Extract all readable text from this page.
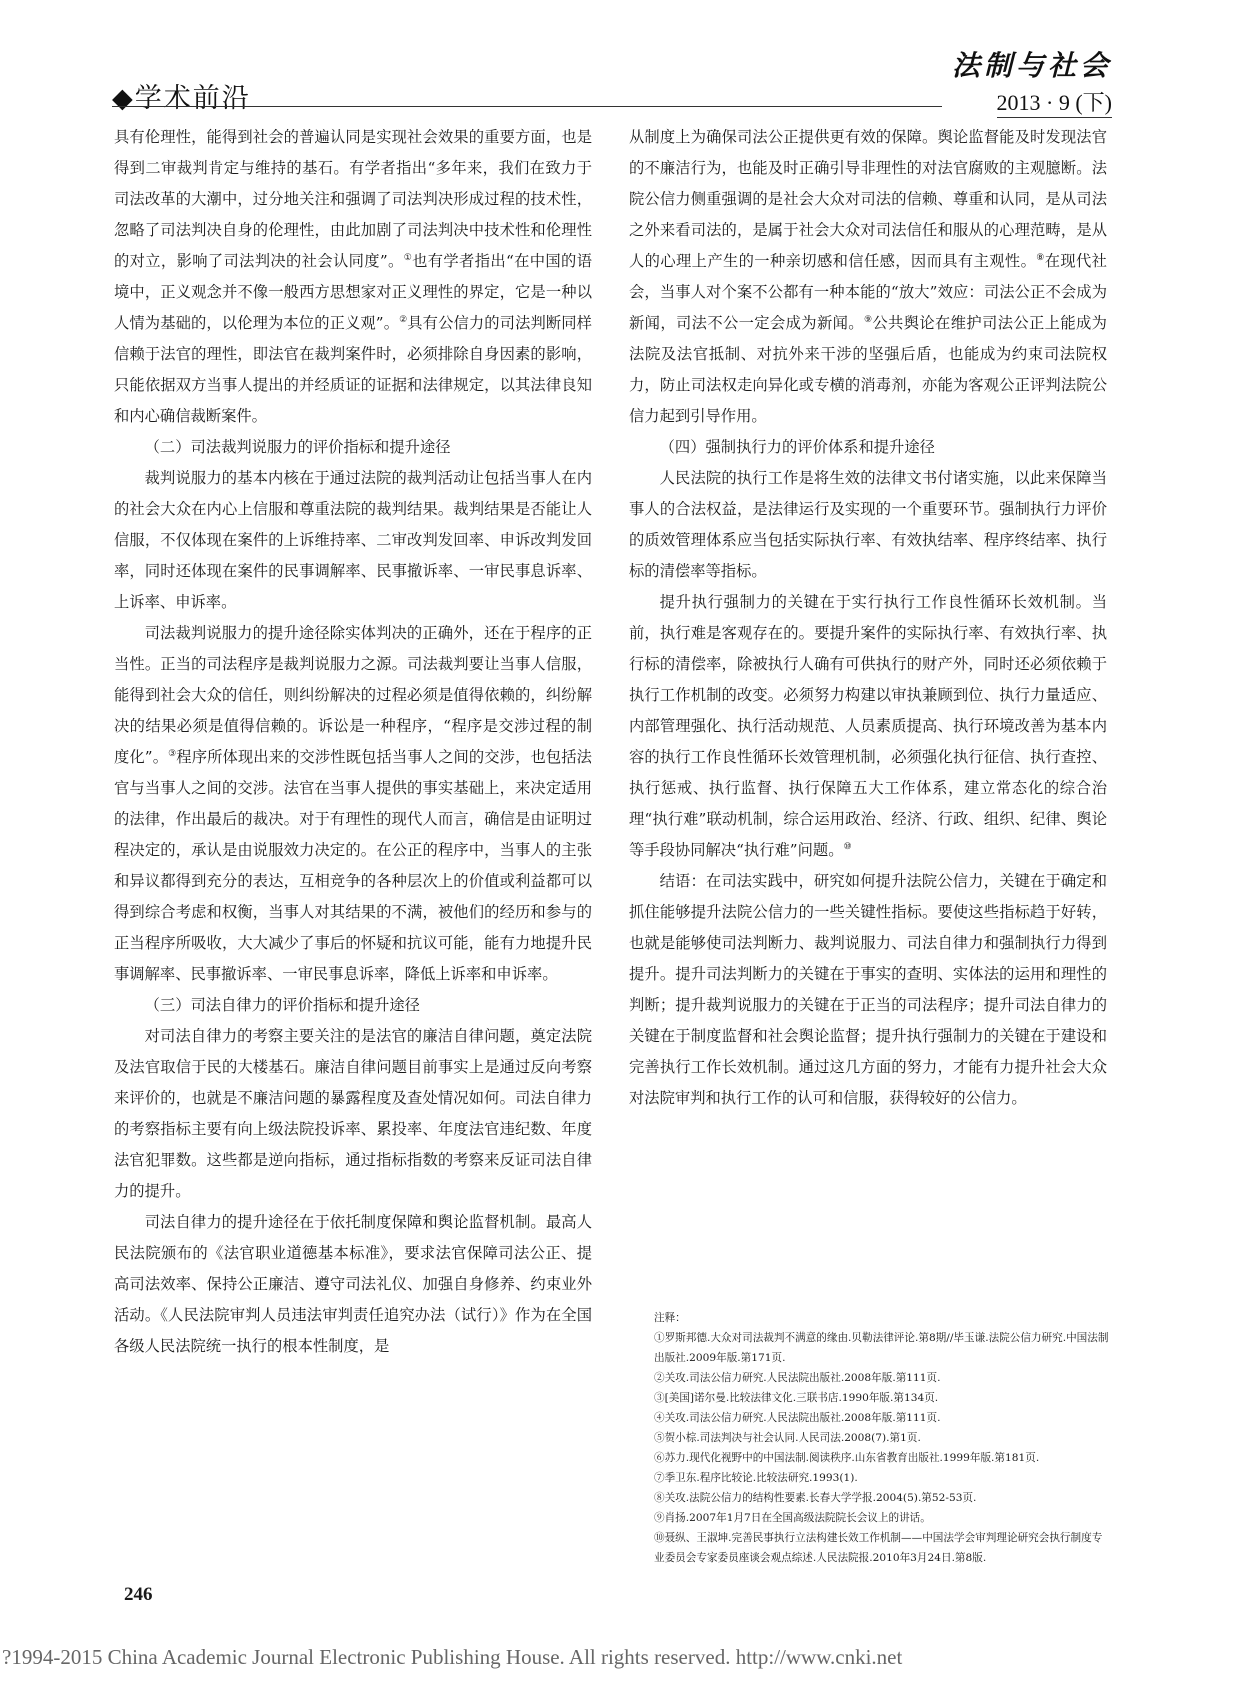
◆学术前沿
法制与社会
2013 · 9 (下)

具有伦理性，能得到社会的普遍认同是实现社会效果的重要方面，也是得到二审裁判肯定与维持的基石。有学者指出“多年来，我们在致力于司法改革的大潮中，过分地关注和强调了司法判决形成过程的技术性，忽略了司法判决自身的伦理性，由此加剧了司法判决中技术性和伦理性的对立，影响了司法判决的社会认同度”。①也有学者指出“在中国的语境中，正义观念并不像一般西方思想家对正义理性的界定，它是一种以人情为基础的，以伦理为本位的正义观”。②具有公信力的司法判断同样信赖于法官的理性，即法官在裁判案件时，必须排除自身因素的影响，只能依据双方当事人提出的并经质证的证据和法律规定，以其法律良知和内心确信裁断案件。

（二）司法裁判说服力的评价指标和提升途径

裁判说服力的基本内核在于通过法院的裁判活动让包括当事人在内的社会大众在内心上信服和尊重法院的裁判结果。裁判结果是否能让人信服，不仅体现在案件的上诉维持率、二审改判发回率、申诉改判发回率，同时还体现在案件的民事调解率、民事撤诉率、一审民事息诉率、上诉率、申诉率。

司法裁判说服力的提升途径除实体判决的正确外，还在于程序的正当性。正当的司法程序是裁判说服力之源。司法裁判要让当事人信服，能得到社会大众的信任，则纠纷解决的过程必须是值得依赖的，纠纷解决的结果必须是值得信赖的。诉讼是一种程序，“程序是交涉过程的制度化”。③程序所体现出来的交涉性既包括当事人之间的交涉，也包括法官与当事人之间的交涉。法官在当事人提供的事实基础上，来决定适用的法律，作出最后的裁决。对于有理性的现代人而言，确信是由证明过程决定的，承认是由说服效力决定的。在公正的程序中，当事人的主张和异议都得到充分的表达，互相竞争的各种层次上的价值或利益都可以得到综合考虑和权衡，当事人对其结果的不满，被他们的经历和参与的正当程序所吸收，大大减少了事后的怀疑和抗议可能，能有力地提升民事调解率、民事撤诉率、一审民事息诉率，降低上诉率和申诉率。

（三）司法自律力的评价指标和提升途径

对司法自律力的考察主要关注的是法官的廉洁自律问题，奠定法院及法官取信于民的大楼基石。廉洁自律问题目前事实上是通过反向考察来评价的，也就是不廉洁问题的暴露程度及查处情况如何。司法自律力的考察指标主要有向上级法院投诉率、累投率、年度法官违纪数、年度法官犯罪数。这些都是逆向指标，通过指标指数的考察来反证司法自律力的提升。

司法自律力的提升途径在于依托制度保障和舆论监督机制。最高人民法院颁布的《法官职业道德基本标准》，要求法官保障司法公正、提高司法效率、保持公正廉洁、遵守司法礼仪、加强自身修养、约束业外活动。《人民法院审判人员违法审判责任追究办法（试行）》作为在全国各级人民法院统一执行的根本性制度，是

从制度上为确保司法公正提供更有效的保障。舆论监督能及时发现法官的不廉洁行为，也能及时正确引导非理性的对法官腐败的主观臆断。法院公信力侧重强调的是社会大众对司法的信赖、尊重和认同，是从司法之外来看司法的，是属于社会大众对司法信任和服从的心理范畴，是从人的心理上产生的一种亲切感和信任感，因而具有主观性。⑧在现代社会，当事人对个案不公都有一种本能的“放大”效应：司法公正不会成为新闻，司法不公一定会成为新闻。⑨公共舆论在维护司法公正上能成为法院及法官抵制、对抗外来干涉的坚强后盾，也能成为约束司法院权力，防止司法权走向异化或专横的消毒剂，亦能为客观公正评判法院公信力起到引导作用。

（四）强制执行力的评价体系和提升途径

人民法院的执行工作是将生效的法律文书付诸实施，以此来保障当事人的合法权益，是法律运行及实现的一个重要环节。强制执行力评价的质效管理体系应当包括实际执行率、有效执结率、程序终结率、执行标的清偿率等指标。

提升执行强制力的关键在于实行执行工作良性循环长效机制。当前，执行难是客观存在的。要提升案件的实际执行率、有效执行率、执行标的清偿率，除被执行人确有可供执行的财产外，同时还必须依赖于执行工作机制的改变。必须努力构建以审执兼顾到位、执行力量适应、内部管理强化、执行活动规范、人员素质提高、执行环境改善为基本内容的执行工作良性循环长效管理机制，必须强化执行征信、执行查控、执行惩戒、执行监督、执行保障五大工作体系，建立常态化的综合治理“执行难”联动机制，综合运用政治、经济、行政、组织、纪律、舆论等手段协同解决“执行难”问题。⑩

结语：在司法实践中，研究如何提升法院公信力，关键在于确定和抓住能够提升法院公信力的一些关键性指标。要使这些指标趋于好转，也就是能够使司法判断力、裁判说服力、司法自律力和强制执行力得到提升。提升司法判断力的关键在于事实的查明、实体法的运用和理性的判断；提升裁判说服力的关键在于正当的司法程序；提升司法自律力的关键在于制度监督和社会舆论监督；提升执行强制力的关键在于建设和完善执行工作长效机制。通过这几方面的努力，才能有力提升社会大众对法院审判和执行工作的认可和信服，获得较好的公信力。

注释：

①罗斯邦德.大众对司法裁判不满意的缘由.贝勒法律评论.第8期//毕玉谦.法院公信力研究.中国法制出版社.2009年版.第171页.
②关攻.司法公信力研究.人民法院出版社.2008年版.第111页.
③[美国]诺尔曼.比较法律文化.三联书店.1990年版.第134页.
④关攻.司法公信力研究.人民法院出版社.2008年版.第111页.
⑤贺小棕.司法判决与社会认同.人民司法.2008(7).第1页.
⑥苏力.现代化视野中的中国法制.阅读秩序.山东省教育出版社.1999年版.第181页.
⑦季卫东.程序比较论.比较法研究.1993(1).
⑧关攻.法院公信力的结构性要素.长春大学学报.2004(5).第52-53页.
⑨肖扬.2007年1月7日在全国高级法院院长会议上的讲话。
⑩聂纵、王淑坤.完善民事执行立法构建长效工作机制——中国法学会审判理论研究会执行制度专业委员会专家委员座谈会观点综述.人民法院报.2010年3月24日.第8版.
246
?1994-2015 China Academic Journal Electronic Publishing House. All rights reserved. http://www.cnki.net
